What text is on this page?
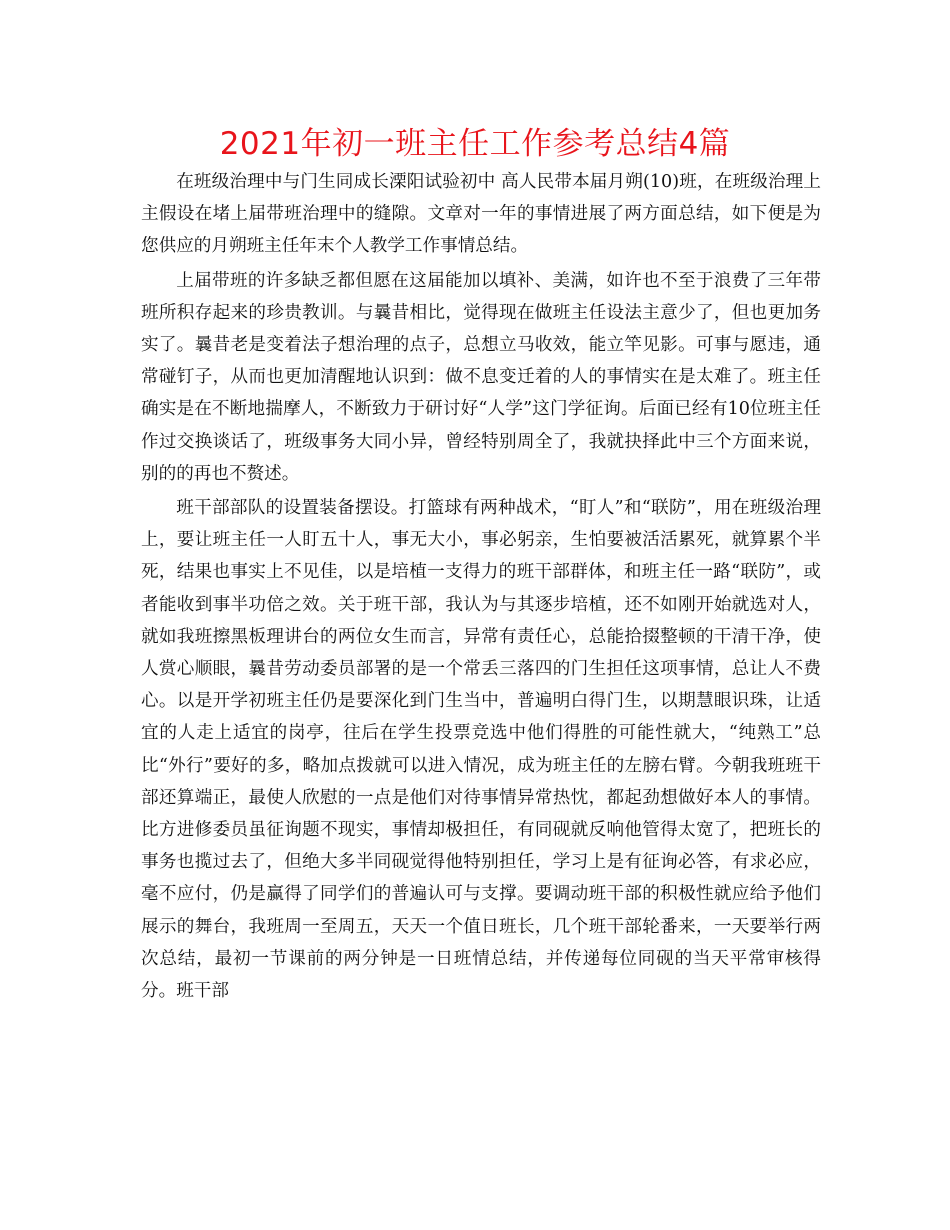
2021年初一班主任工作参考总结4篇

在班级治理中与门生同成长溧阳试验初中 高人民带本届月朔(10)班，在班级治理上主假设在堵上届带班治理中的缝隙。文章对一年的事情进展了两方面总结，如下便是为您供应的月朔班主任年末个人教学工作事情总结。

上届带班的许多缺乏都但愿在这届能加以填补、美满，如许也不至于浪费了三年带班所积存起来的珍贵教训。与曩昔相比，觉得现在做班主任设法主意少了，但也更加务实了。曩昔老是变着法子想治理的点子，总想立马收效，能立竿见影。可事与愿违，通常碰钉子，从而也更加清醒地认识到：做不息变迁着的人的事情实在是太难了。班主任确实是在不断地揣摩人，不断致力于研讨好“人学”这门学征询。后面已经有10位班主任作过交换谈话了，班级事务大同小异，曾经特别周全了，我就抉择此中三个方面来说，别的的再也不赘述。

班干部部队的设置装备摆设。打篮球有两种战术，“盯人”和“联防”，用在班级治理上，要让班主任一人盯五十人，事无大小，事必躬亲，生怕要被活活累死，就算累个半死，结果也事实上不见佳，以是培植一支得力的班干部群体，和班主任一路“联防”，或者能收到事半功倍之效。关于班干部，我认为与其逐步培植，还不如刚开始就选对人，就如我班擦黑板理讲台的两位女生而言，异常有责任心，总能拾掇整顿的干清干净，使人赏心顺眼，曩昔劳动委员部署的是一个常丢三落四的门生担任这项事情，总让人不费心。以是开学初班主任仍是要深化到门生当中，普遍明白得门生，以期慧眼识珠，让适宜的人走上适宜的岗亭，往后在学生投票竞选中他们得胜的可能性就大，“纯熟工”总比“外行”要好的多，略加点拨就可以进入情况，成为班主任的左膀右臂。今朝我班班干部还算端正，最使人欣慰的一点是他们对待事情异常热忱，都起劲想做好本人的事情。比方进修委员虽征询题不现实，事情却极担任，有同砚就反响他管得太宽了，把班长的事务也揽过去了，但绝大多半同砚觉得他特别担任，学习上是有征询必答，有求必应，毫不应付，仍是赢得了同学们的普遍认可与支撑。要调动班干部的积极性就应给予他们展示的舞台，我班周一至周五，天天一个值日班长，几个班干部轮番来，一天要举行两次总结，最初一节课前的两分钟是一日班情总结，并传递每位同砚的当天平常审核得分。班干部
